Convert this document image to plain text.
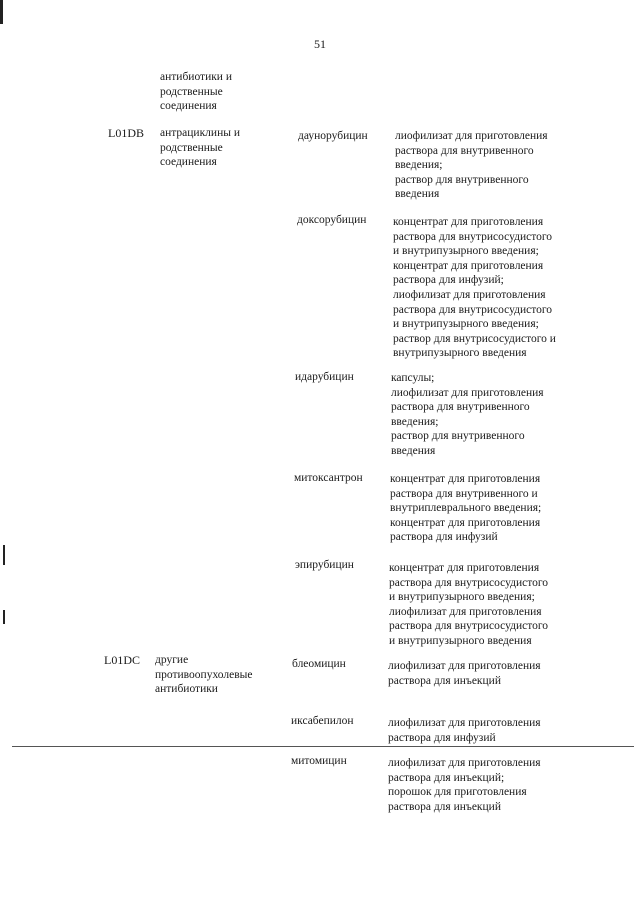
51
антибиотики и
родственные
соединения
L01DB антрациклины и
родственные
соединения
даунорубицин лиофилизат для приготовления
раствора для внутривенного
введения;
раствор для внутривенного
введения
доксорубицин концентрат для приготовления
раствора для внутрисосудистого
и внутрипузырного введения;
концентрат для приготовления
раствора для инфузий;
лиофилизат для приготовления
раствора для внутрисосудистого
и внутрипузырного введения;
раствор для внутрисосудистого и
внутрипузырного введения
идарубицин	капсулы;
лиофилизат для приготовления
раствора для внутривенного
введения;
раствор для внутривенного
введения
митоксантрон концентрат для приготовления
раствора для внутривенного и
внутриплеврального введения;
концентрат для приготовления
раствора для инфузий
эпирубицин	концентрат для приготовления
раствора для внутрисосудистого
и внутрипузырного введения;
лиофилизат для приготовления
раствора для внутрисосудистого
и внутрипузырного введения
L01DC другие
противоопухолевые
антибиотики
блеомицин	лиофилизат для приготовления
раствора для инъекций
иксабепилон	лиофилизат для приготовления
раствора для инфузий
митомицин	лиофилизат для приготовления
раствора для инъекций;
порошок для приготовления
раствора для инъекций
